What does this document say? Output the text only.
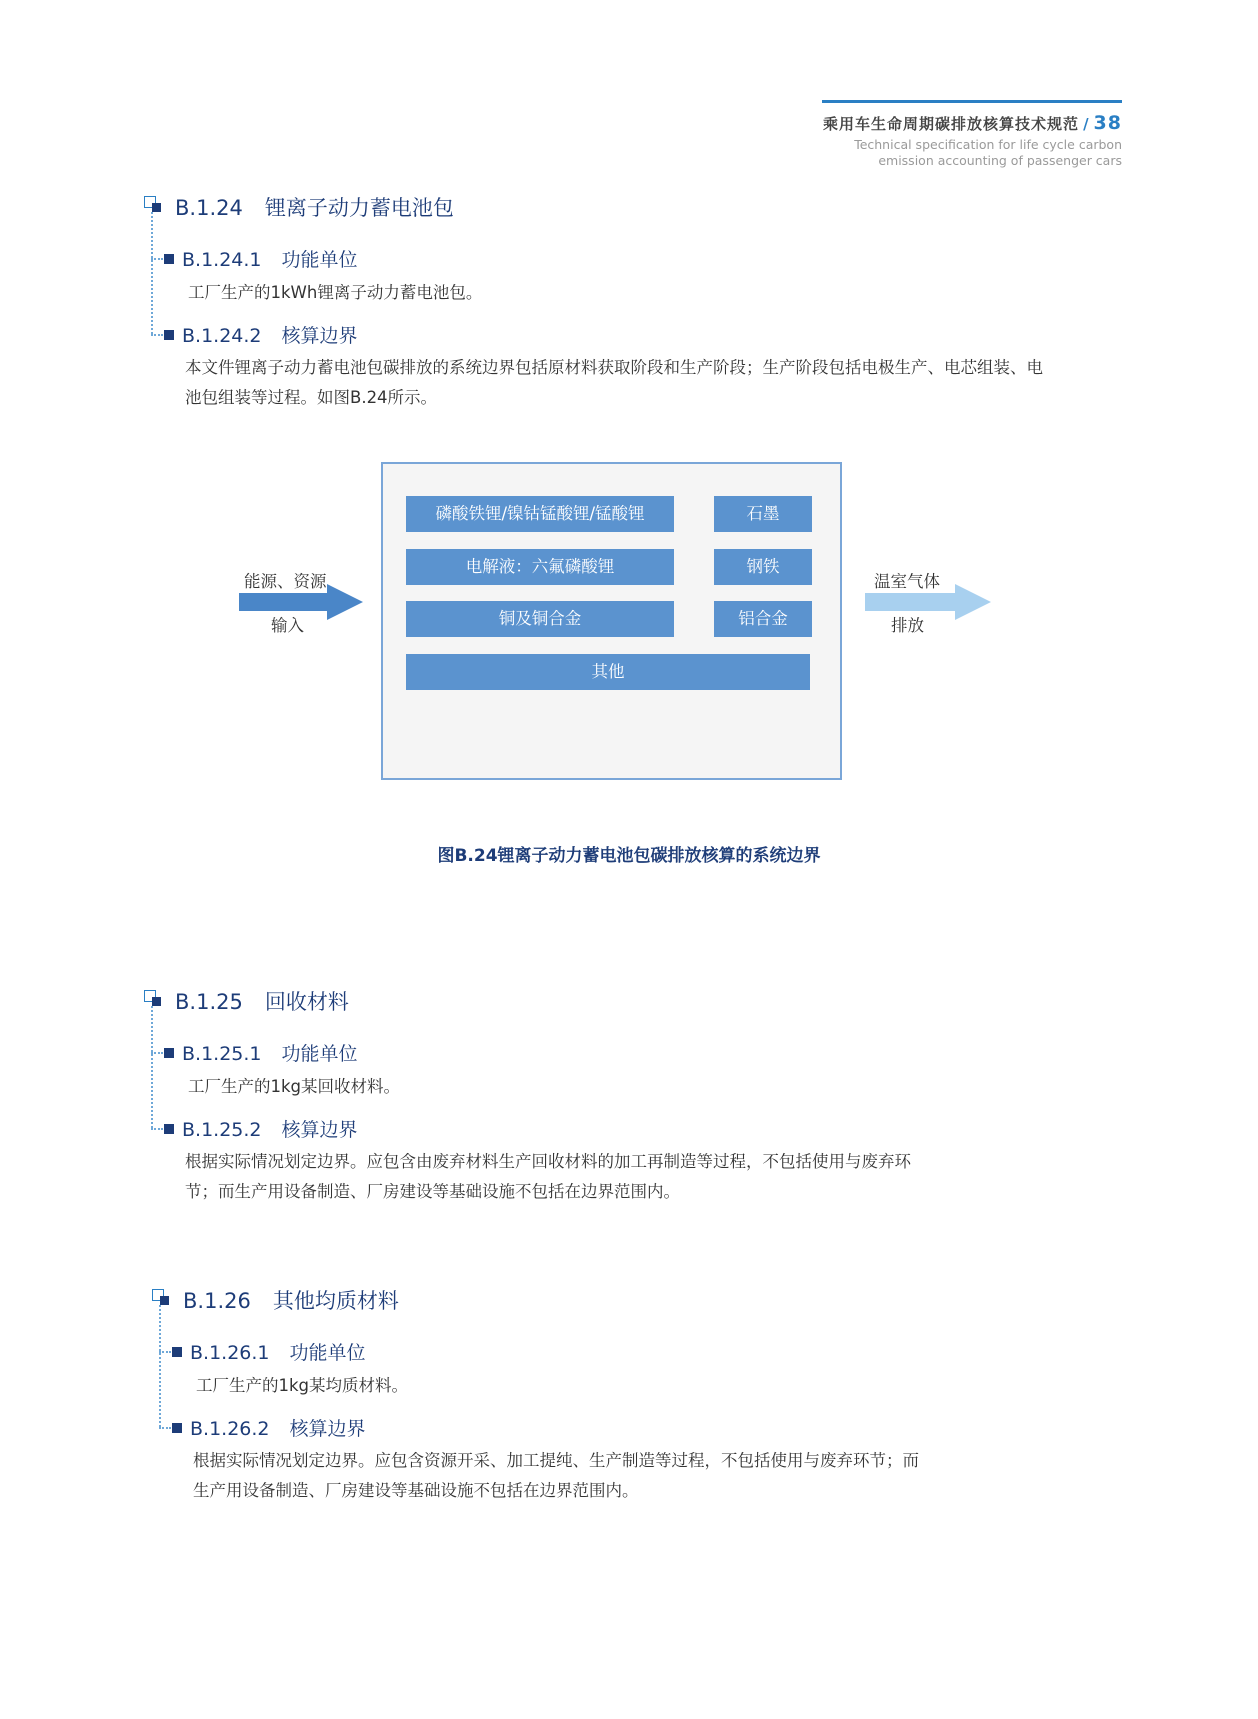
乘用车生命周期碳排放核算技术规范 / 38
Technical specification for life cycle carbon
emission accounting of passenger cars
B.1.24 锂离子动力蓄电池包
B.1.24.1 功能单位
工厂生产的1kWh锂离子动力蓄电池包。
B.1.24.2 核算边界
本文件锂离子动力蓄电池包碳排放的系统边界包括原材料获取阶段和生产阶段；生产阶段包括电极生产、电芯组装、电
池包组装等过程。如图B.24所示。
磷酸铁锂/镍钴锰酸锂/锰酸锂	石墨
电解液：六氟磷酸锂	钢铁
铜及铜合金	铝合金
其他
能源、资源
输入
温室气体
排放
图B.24锂离子动力蓄电池包碳排放核算的系统边界
B.1.25 回收材料
B.1.25.1 功能单位
工厂生产的1kg某回收材料。
B.1.25.2 核算边界
根据实际情况划定边界。应包含由废弃材料生产回收材料的加工再制造等过程，不包括使用与废弃环
节；而生产用设备制造、厂房建设等基础设施不包括在边界范围内。
B.1.26 其他均质材料
B.1.26.1 功能单位
工厂生产的1kg某均质材料。
B.1.26.2 核算边界
根据实际情况划定边界。应包含资源开采、加工提纯、生产制造等过程，不包括使用与废弃环节；而
生产用设备制造、厂房建设等基础设施不包括在边界范围内。
